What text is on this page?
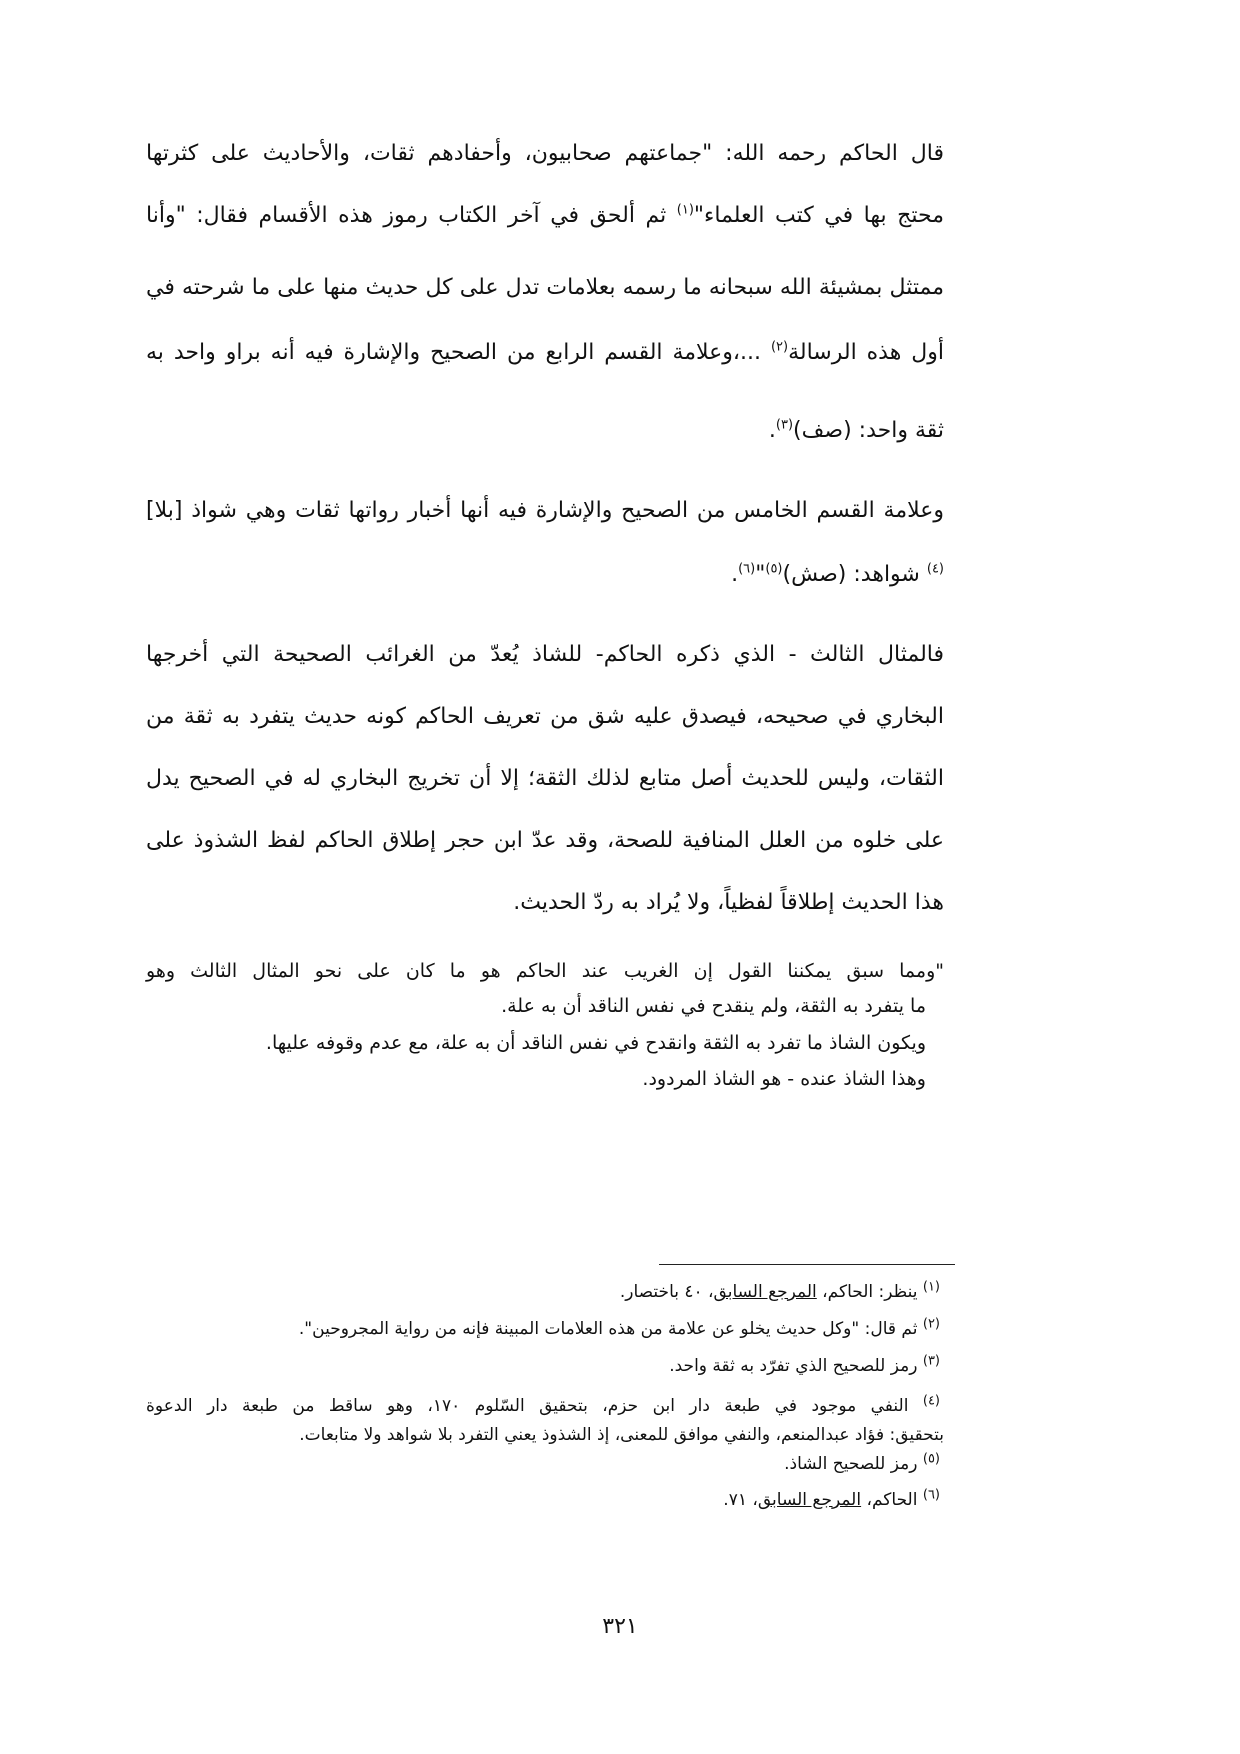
قال الحاكم رحمه الله: "جماعتهم صحابيون، وأحفادهم ثقات، والأحاديث على كثرتها
محتج بها في كتب العلماء"$^{(١)}$ ثم ألحق في آخر الكتاب رموز هذه الأقسام فقال: "وأنا
ممتثل بمشيئة الله سبحانه ما رسمه بعلامات تدل على كل حديث منها على ما شرحته في
أول هذه الرسالة$^{(٢)}$ ...،وعلامة القسم الرابع من الصحيح والإشارة فيه أنه براو واحد به
ثقة واحد: (صف)$^{(٣)}$.
وعلامة القسم الخامس من الصحيح والإشارة فيه أنها أخبار رواتها ثقات وهي شواذ [بلا]
$^{(٤)}$ شواهد: (صش)$^{(٥)}$"$^{(٦)}$.
فالمثال الثالث - الذي ذكره الحاكم- للشاذ يُعدّ من الغرائب الصحيحة التي أخرجها
البخاري في صحيحه، فيصدق عليه شق من تعريف الحاكم كونه حديث يتفرد به ثقة من
الثقات، وليس للحديث أصل متابع لذلك الثقة؛ إلا أن تخريج البخاري له في الصحيح يدل
على خلوه من العلل المنافية للصحة، وقد عدّ ابن حجر إطلاق الحاكم لفظ الشذوذ على
هذا الحديث إطلاقاً لفظياً، ولا يُراد به ردّ الحديث.
"ومما سبق يمكننا القول إن الغريب عند الحاكم هو ما كان على نحو المثال الثالث وهو
ما يتفرد به الثقة، ولم ينقدح في نفس الناقد أن به علة.
ويكون الشاذ ما تفرد به الثقة وانقدح في نفس الناقد أن به علة، مع عدم وقوفه عليها.
وهذا الشاذ عنده - هو الشاذ المردود.
$^{(١)}$ ينظر: الحاكم، المرجع السابق، ٤٠ باختصار.
$^{(٢)}$ ثم قال: "وكل حديث يخلو عن علامة من هذه العلامات المبينة فإنه من رواية المجروحين".
$^{(٣)}$ رمز للصحيح الذي تفرّد به ثقة واحد.
$^{(٤)}$ النفي موجود في طبعة دار ابن حزم، بتحقيق السّلوم ١٧٠، وهو ساقط من طبعة دار الدعوة
بتحقيق: فؤاد عبدالمنعم، والنفي موافق للمعنى، إذ الشذوذ يعني التفرد بلا شواهد ولا متابعات.
$^{(٥)}$ رمز للصحيح الشاذ.
$^{(٦)}$ الحاكم، المرجع السابق، ٧١.
٣٢١
